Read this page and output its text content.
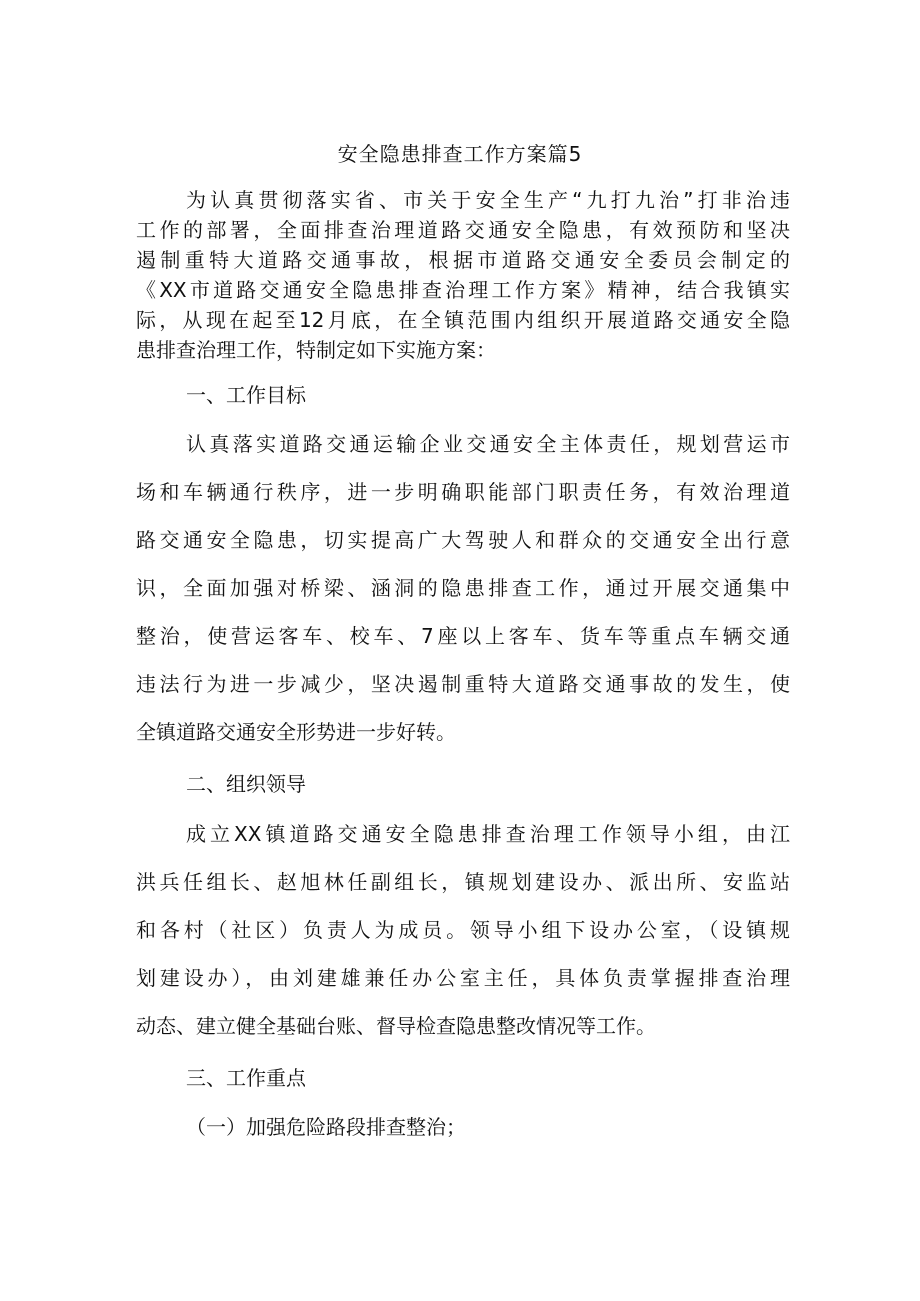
安全隐患排查工作方案篇5
为认真贯彻落实省、市关于安全生产“九打九治”打非治违
工作的部署，全面排查治理道路交通安全隐患，有效预防和坚决
遏制重特大道路交通事故，根据市道路交通安全委员会制定的
《XX市道路交通安全隐患排查治理工作方案》精神，结合我镇实
际，从现在起至12月底，在全镇范围内组织开展道路交通安全隐
患排查治理工作，特制定如下实施方案：
一、工作目标
认真落实道路交通运输企业交通安全主体责任，规划营运市
场和车辆通行秩序，进一步明确职能部门职责任务，有效治理道
路交通安全隐患，切实提高广大驾驶人和群众的交通安全出行意
识，全面加强对桥梁、涵洞的隐患排查工作，通过开展交通集中
整治，使营运客车、校车、7座以上客车、货车等重点车辆交通
违法行为进一步减少，坚决遏制重特大道路交通事故的发生，使
全镇道路交通安全形势进一步好转。
二、组织领导
成立XX镇道路交通安全隐患排查治理工作领导小组，由江
洪兵任组长、赵旭林任副组长，镇规划建设办、派出所、安监站
和各村（社区）负责人为成员。领导小组下设办公室，（设镇规
划建设办），由刘建雄兼任办公室主任，具体负责掌握排查治理
动态、建立健全基础台账、督导检查隐患整改情况等工作。
三、工作重点
（一）加强危险路段排查整治；
